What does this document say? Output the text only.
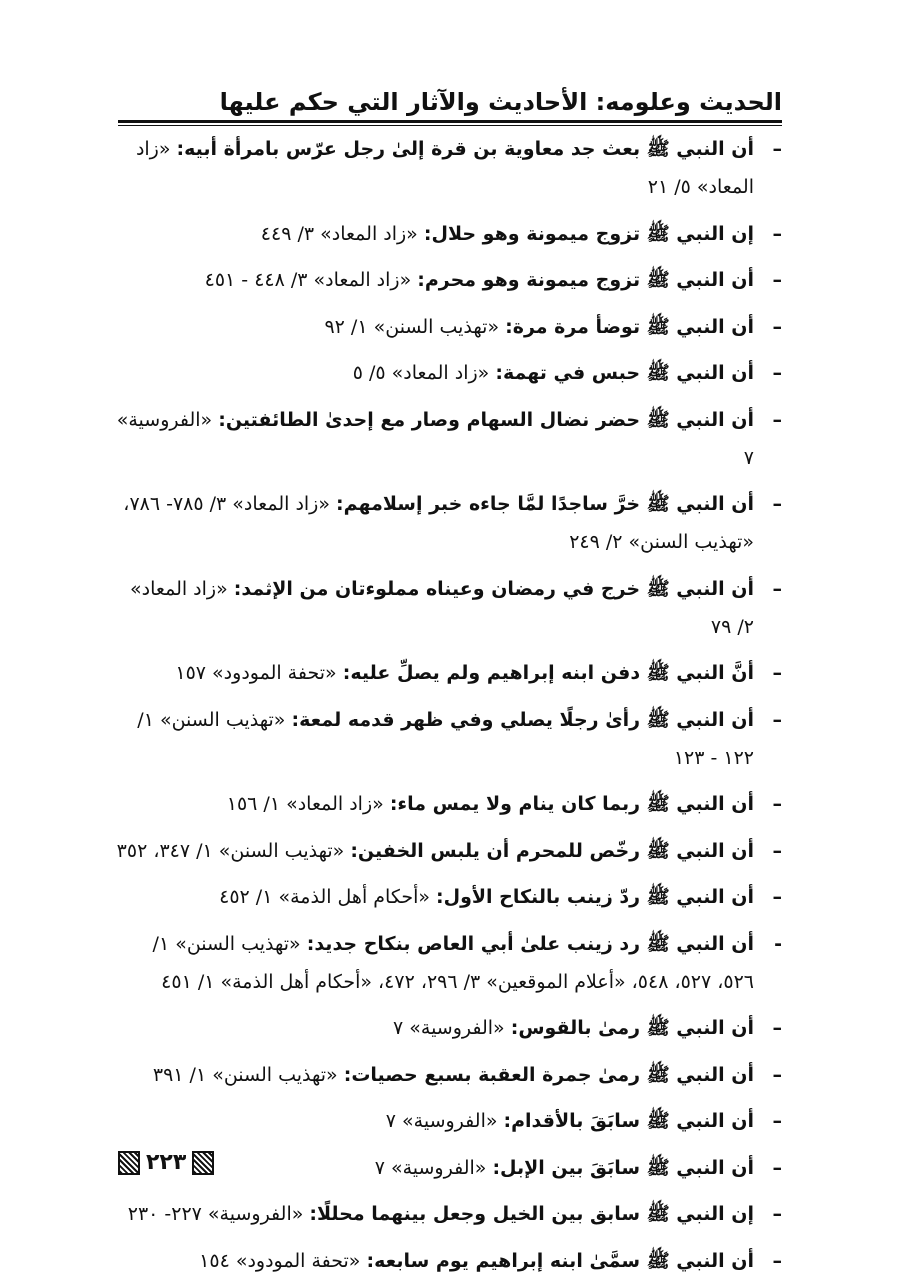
الحديث وعلومه: الأحاديث والآثار التي حكم عليها
–
أن النبي ﷺ بعث جد معاوية بن قرة إلىٰ رجل عرّس بامرأة أبيه: «زاد المعاد» ٥/ ٢١
–
إن النبي ﷺ تزوج ميمونة وهو حلال: «زاد المعاد» ٣/ ٤٤٩
–
أن النبي ﷺ تزوج ميمونة وهو محرم: «زاد المعاد» ٣/ ٤٤٨ - ٤٥١
–
أن النبي ﷺ توضأ مرة مرة: «تهذيب السنن» ١/ ٩٢
–
أن النبي ﷺ حبس في تهمة: «زاد المعاد» ٥/ ٥
–
أن النبي ﷺ حضر نضال السهام وصار مع إحدىٰ الطائفتين: «الفروسية» ٧
–
أن النبي ﷺ خرَّ ساجدًا لمَّا جاءه خبر إسلامهم: «زاد المعاد» ٣/ ٧٨٥- ٧٨٦، «تهذيب السنن» ٢/ ٢٤٩
–
أن النبي ﷺ خرج في رمضان وعيناه مملوءتان من الإثمد: «زاد المعاد» ٢/ ٧٩
–
أنَّ النبي ﷺ دفن ابنه إبراهيم ولم يصلِّ عليه: «تحفة المودود» ١٥٧
–
أن النبي ﷺ رأىٰ رجلًا يصلي وفي ظهر قدمه لمعة: «تهذيب السنن» ١/ ١٢٢ - ١٢٣
–
أن النبي ﷺ ربما كان ينام ولا يمس ماء: «زاد المعاد» ١/ ١٥٦
–
أن النبي ﷺ رخّص للمحرم أن يلبس الخفين: «تهذيب السنن» ١/ ٣٤٧، ٣٥٢
–
أن النبي ﷺ ردّ زينب بالنكاح الأول: «أحكام أهل الذمة» ١/ ٤٥٢
-
أن النبي ﷺ رد زينب علىٰ أبي العاص بنكاح جديد: «تهذيب السنن» ١/ ٥٢٦، ٥٢٧، ٥٤٨، «أعلام الموقعين» ٣/ ٢٩٦، ٤٧٢، «أحكام أهل الذمة» ١/ ٤٥١
–
أن النبي ﷺ رمىٰ بالقوس: «الفروسية» ٧
–
أن النبي ﷺ رمىٰ جمرة العقبة بسبع حصيات: «تهذيب السنن» ١/ ٣٩١
–
أن النبي ﷺ سابَقَ بالأقدام: «الفروسية» ٧
–
أن النبي ﷺ سابَقَ بين الإبل: «الفروسية» ٧
–
إن النبي ﷺ سابق بين الخيل وجعل بينهما محللًا: «الفروسية» ٢٢٧- ٢٣٠
–
أن النبي ﷺ سمَّىٰ ابنه إبراهيم يوم سابعه: «تحفة المودود» ١٥٤
٢٢٣
